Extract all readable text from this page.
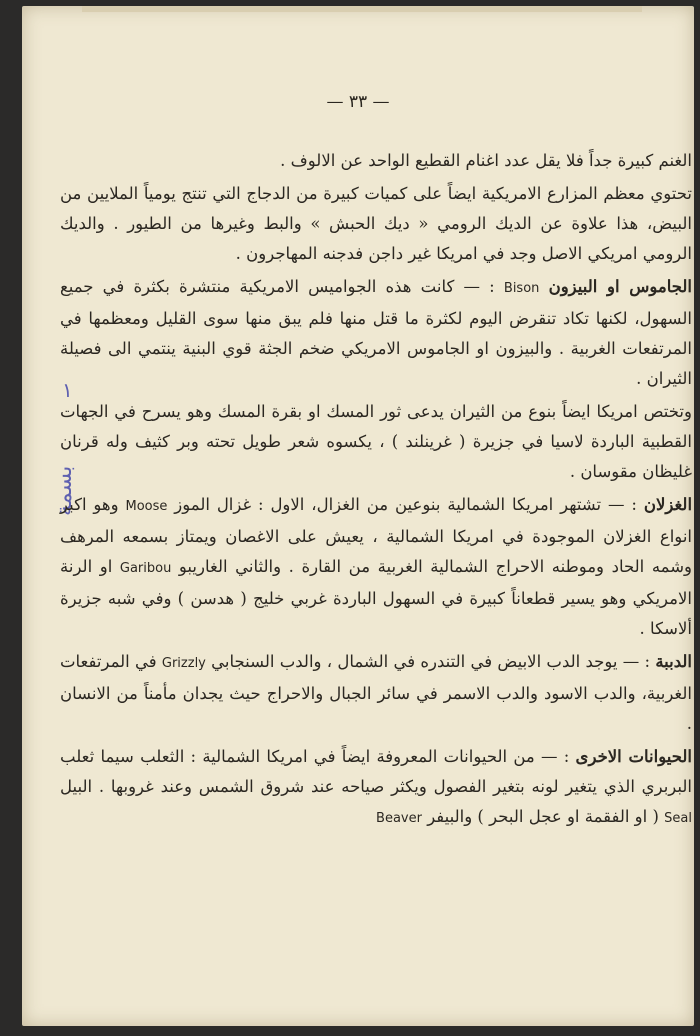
— ٣٣ —
١
بسمة

الغنم كبيرة جداً فلا يقل عدد اغنام القطيع الواحد عن الالوف .

تحتوي معظم المزارع الامريكية ايضاً على كميات كبيرة من الدجاج التي تنتج يومياً الملايين من البيض، هذا علاوة عن الديك الرومي « ديك الحبش » والبط وغيرها من الطيور . والديك الرومي امريكي الاصل وجد في امريكا غير داجن فدجنه المهاجرون .

الجاموس او البيزون Bison : — كانت هذه الجواميس الامريكية منتشرة بكثرة في جميع السهول، لكنها تكاد تنقرض اليوم لكثرة ما قتل منها فلم يبق منها سوى القليل ومعظمها في المرتفعات الغربية . والبيزون او الجاموس الامريكي ضخم الجثة قوي البنية ينتمي الى فصيلة الثيران .

وتختص امريكا ايضاً بنوع من الثيران يدعى ثور المسك او بقرة المسك وهو يسرح في الجهات القطبية الباردة لاسيا في جزيرة ( غرينلند ) ، يكسوه شعر طويل تحته وبر كثيف وله قرنان غليظان مقوسان .

الغزلان : — تشتهر امريكا الشمالية بنوعين من الغزال، الاول : غزال الموز Moose وهو اكبر انواع الغزلان الموجودة في امريكا الشمالية ، يعيش على الاغصان ويمتاز بسمعه المرهف وشمه الحاد وموطنه الاحراج الشمالية الغربية من القارة . والثاني الغاريبو Garibou او الرنة الامريكي وهو يسير قطعاناً كبيرة في السهول الباردة غربي خليج ( هدسن ) وفي شبه جزيرة ألاسكا .

الدببة : — يوجد الدب الابيض في التندره في الشمال ، والدب السنجابي Grizzly في المرتفعات الغربية، والدب الاسود والدب الاسمر في سائر الجبال والاحراج حيث يجدان مأمناً من الانسان .

الحيوانات الاخرى : — من الحيوانات المعروفة ايضاً في امريكا الشمالية : الثعلب سيما ثعلب البربري الذي يتغير لونه بتغير الفصول ويكثر صياحه عند شروق الشمس وعند غروبها . البيل Seal ( او الفقمة او عجل البحر ) والبيفر Beaver
